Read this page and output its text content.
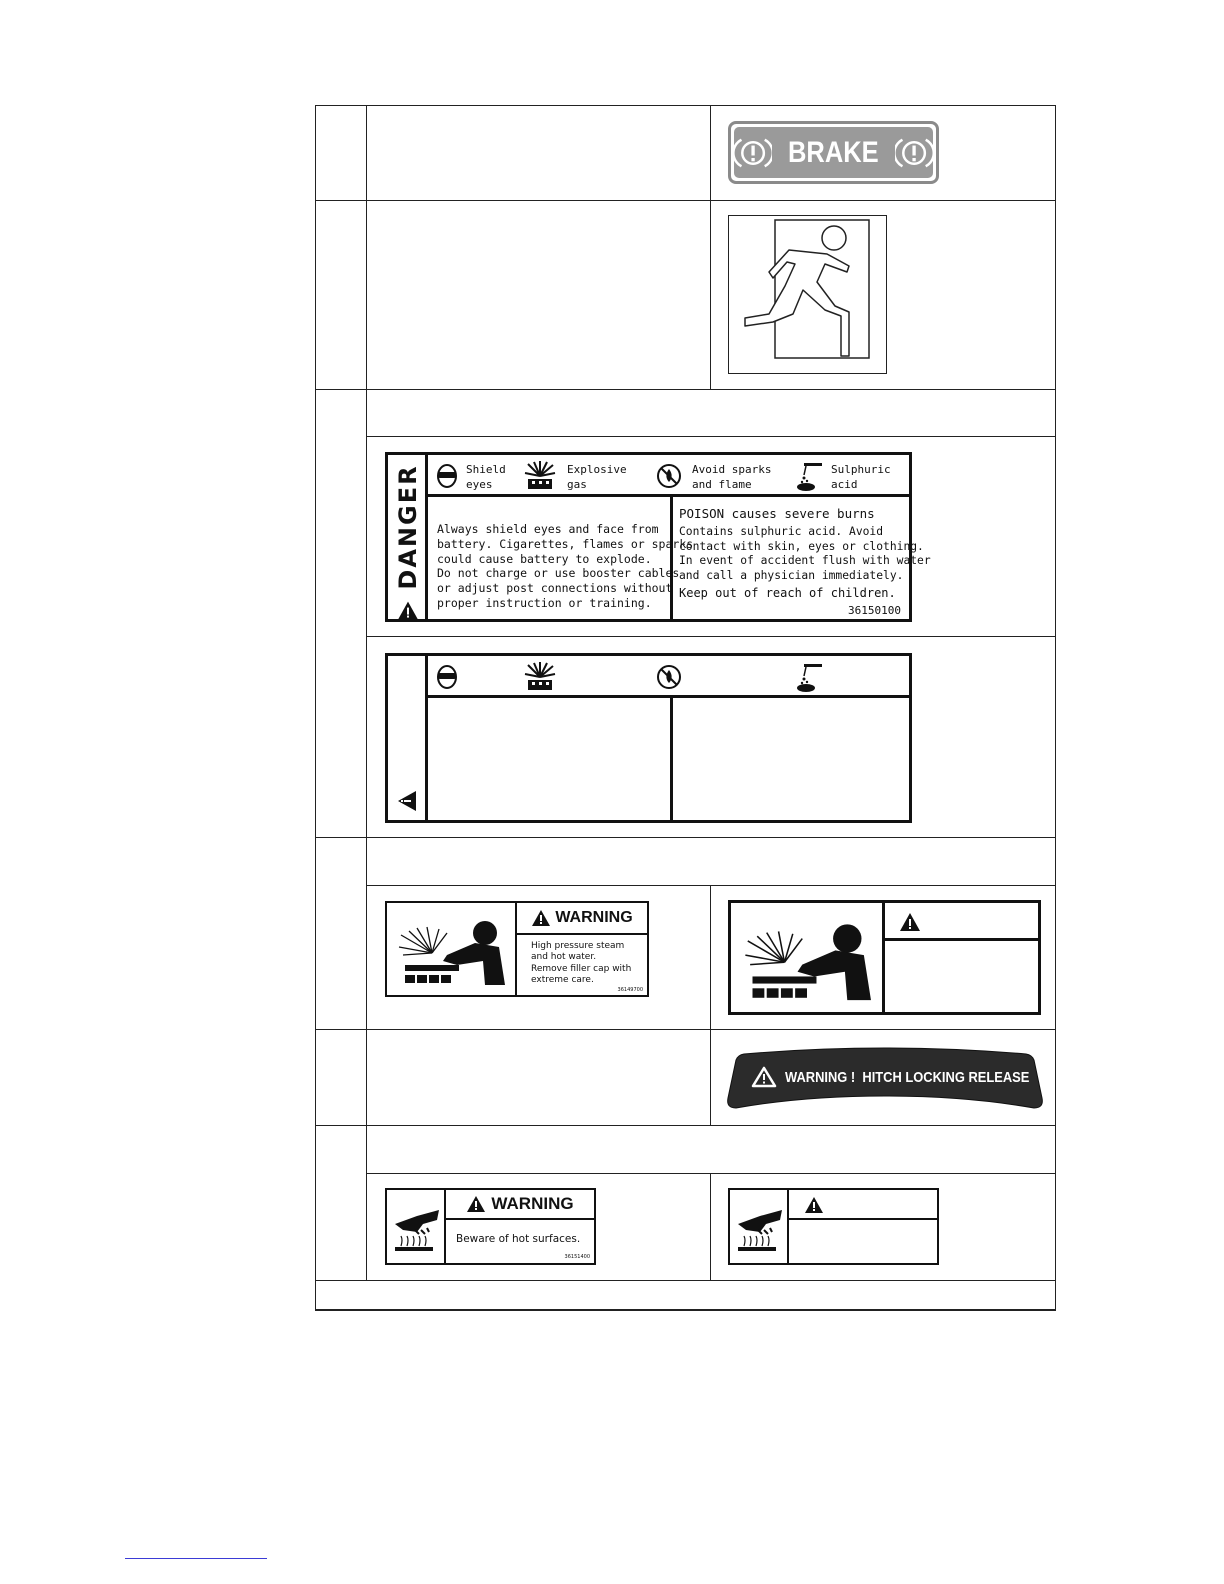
BRAKE
DANGER	Shield
eyes
Explosive
gas
Avoid sparks
and flame
Sulphuric
acid
Always shield eyes and face from
battery. Cigarettes, flames or sparks
could cause battery to explode.
Do not charge or use booster cables
or adjust post connections without
proper instruction or training.
POISON causes severe burns
Contains sulphuric acid. Avoid
contact with skin, eyes or clothing.
In event of accident flush with water
and call a physician immediately.
Keep out of reach of children.
36150100
WARNING
High pressure steam
and hot water.
Remove filler cap with
extreme care.
36149700
WARNING !  HITCH LOCKING RELEASE
WARNING
Beware of hot surfaces.
36151400
